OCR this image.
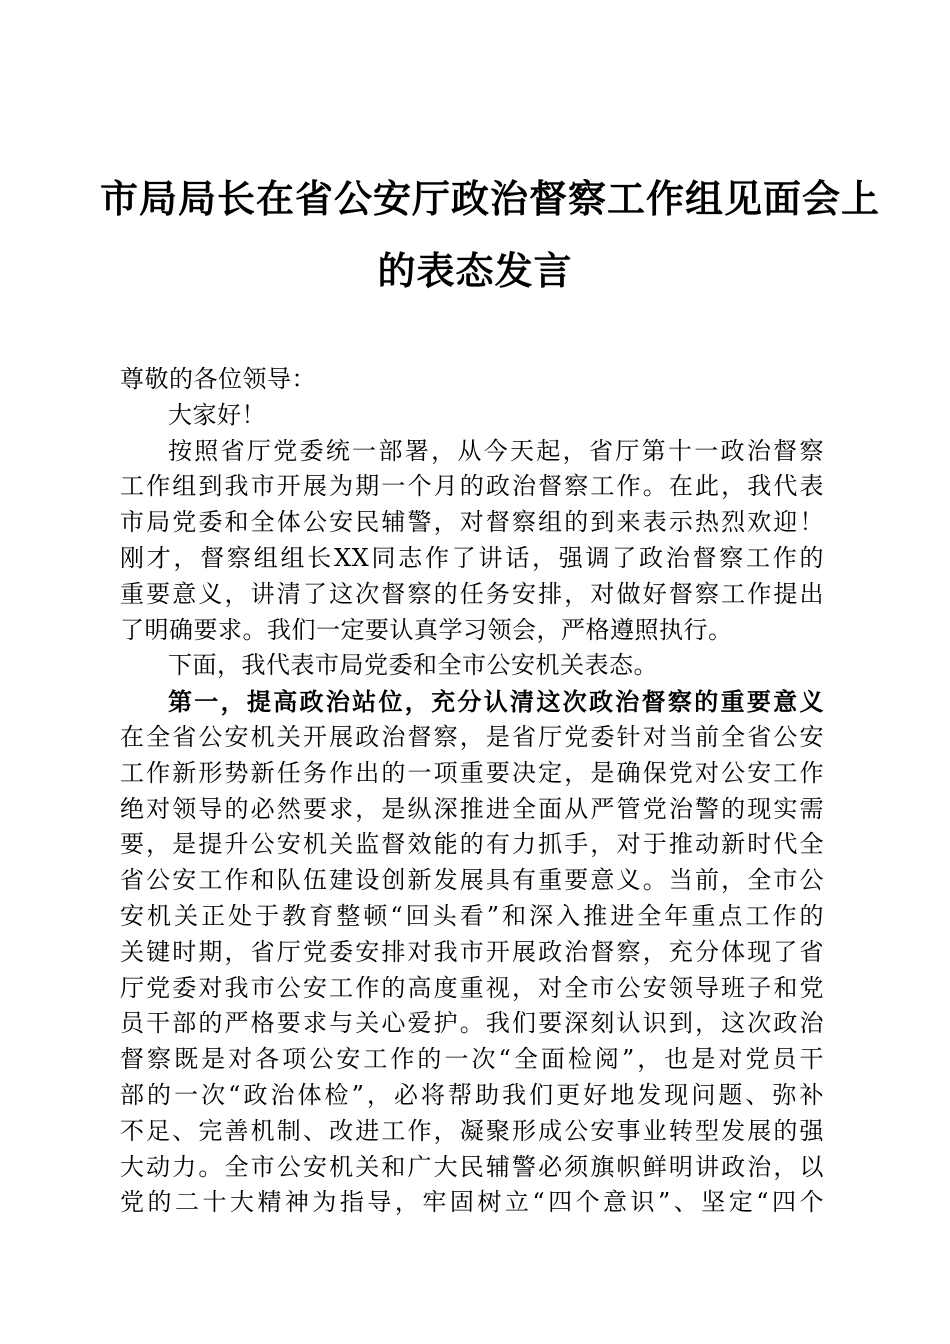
市局局长在省公安厅政治督察工作组见面会上
的表态发言
尊敬的各位领导：
大家好！
按照省厅党委统一部署，从今天起，省厅第十一政治督察
工作组到我市开展为期一个月的政治督察工作。在此，我代表
市局党委和全体公安民辅警，对督察组的到来表示热烈欢迎！
刚才，督察组组长XX同志作了讲话，强调了政治督察工作的
重要意义，讲清了这次督察的任务安排，对做好督察工作提出
了明确要求。我们一定要认真学习领会，严格遵照执行。
下面，我代表市局党委和全市公安机关表态。
第一，提高政治站位，充分认清这次政治督察的重要意义
在全省公安机关开展政治督察，是省厅党委针对当前全省公安
工作新形势新任务作出的一项重要决定，是确保党对公安工作
绝对领导的必然要求，是纵深推进全面从严管党治警的现实需
要，是提升公安机关监督效能的有力抓手，对于推动新时代全
省公安工作和队伍建设创新发展具有重要意义。当前，全市公
安机关正处于教育整顿“回头看”和深入推进全年重点工作的
关键时期，省厅党委安排对我市开展政治督察，充分体现了省
厅党委对我市公安工作的高度重视，对全市公安领导班子和党
员干部的严格要求与关心爱护。我们要深刻认识到，这次政治
督察既是对各项公安工作的一次“全面检阅”，也是对党员干
部的一次“政治体检”，必将帮助我们更好地发现问题、弥补
不足、完善机制、改进工作，凝聚形成公安事业转型发展的强
大动力。全市公安机关和广大民辅警必须旗帜鲜明讲政治，以
党的二十大精神为指导，牢固树立“四个意识”、坚定“四个
